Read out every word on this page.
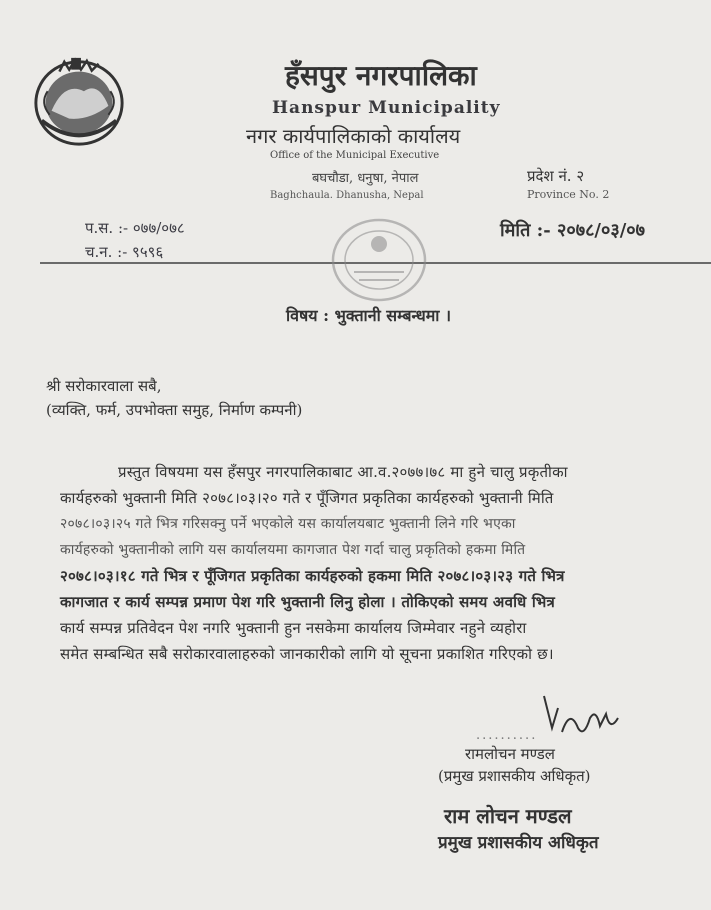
हँसपुर नगरपालिका
Hanspur Municipality
नगर कार्यपालिकाको कार्यालय
Office of the Municipal Executive
बघचौडा, धनुषा, नेपाल
Baghchaula. Dhanusha, Nepal
प्रदेश नं. २
Province No. 2
प.स. :- ०७७/०७८
च.न. :- ९५९६
मिति :- २०७८/०३/०७
विषय : भुक्तानी सम्बन्धमा ।
श्री सरोकारवाला सबै,
(व्यक्ति, फर्म, उपभोक्ता समुह, निर्माण कम्पनी)
प्रस्तुत विषयमा यस हँसपुर नगरपालिकाबाट आ.व.२०७७।७८ मा हुने चालु प्रकृतीका
कार्यहरुको भुक्तानी मिति २०७८।०३।२० गते र पूँजिगत प्रकृतिका कार्यहरुको भुक्तानी मिति
२०७८।०३।२५ गते भित्र गरिसक्नु पर्ने भएकोले यस कार्यालयबाट भुक्तानी लिने गरि भएका
कार्यहरुको भुक्तानीको लागि यस कार्यालयमा कागजात पेश गर्दा चालु प्रकृतिको हकमा मिति
२०७८।०३।१८ गते भित्र र पूँजिगत प्रकृतिका कार्यहरुको हकमा मिति २०७८।०३।२३ गते भित्र
कागजात र कार्य सम्पन्न प्रमाण पेश गरि भुक्तानी लिनु होला । तोकिएको समय अवधि भित्र
कार्य सम्पन्न प्रतिवेदन पेश नगरि भुक्तानी हुन नसकेमा कार्यालय जिम्मेवार नहुने व्यहोरा
समेत सम्बन्धित सबै सरोकारवालाहरुको जानकारीको लागि यो सूचना प्रकाशित गरिएको छ।
..........
रामलोचन मण्डल
(प्रमुख प्रशासकीय अधिकृत)
राम लोचन मण्डल
प्रमुख प्रशासकीय अधिकृत
